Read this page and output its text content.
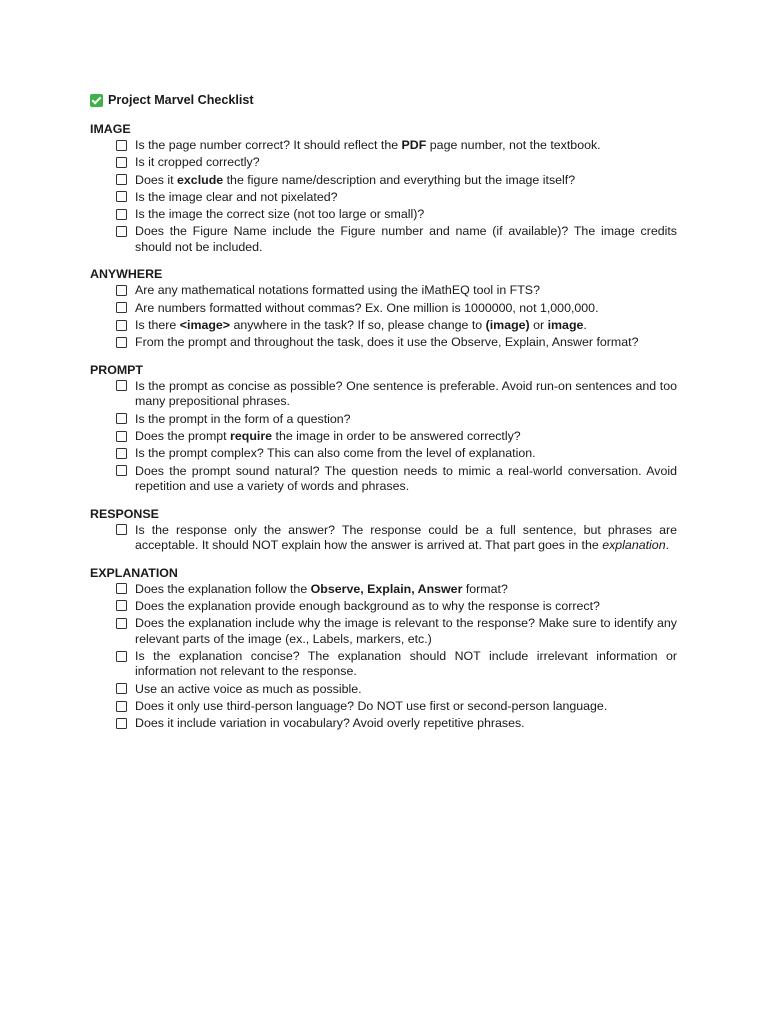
Project Marvel Checklist
IMAGE
Is the page number correct? It should reflect the PDF page number, not the textbook.
Is it cropped correctly?
Does it exclude the figure name/description and everything but the image itself?
Is the image clear and not pixelated?
Is the image the correct size (not too large or small)?
Does the Figure Name include the Figure number and name (if available)? The image credits should not be included.
ANYWHERE
Are any mathematical notations formatted using the iMathEQ tool in FTS?
Are numbers formatted without commas? Ex. One million is 1000000, not 1,000,000.
Is there <image> anywhere in the task? If so, please change to (image) or image.
From the prompt and throughout the task, does it use the Observe, Explain, Answer format?
PROMPT
Is the prompt as concise as possible? One sentence is preferable. Avoid run-on sentences and too many prepositional phrases.
Is the prompt in the form of a question?
Does the prompt require the image in order to be answered correctly?
Is the prompt complex? This can also come from the level of explanation.
Does the prompt sound natural? The question needs to mimic a real-world conversation. Avoid repetition and use a variety of words and phrases.
RESPONSE
Is the response only the answer? The response could be a full sentence, but phrases are acceptable. It should NOT explain how the answer is arrived at. That part goes in the explanation.
EXPLANATION
Does the explanation follow the Observe, Explain, Answer format?
Does the explanation provide enough background as to why the response is correct?
Does the explanation include why the image is relevant to the response? Make sure to identify any relevant parts of the image (ex., Labels, markers, etc.)
Is the explanation concise? The explanation should NOT include irrelevant information or information not relevant to the response.
Use an active voice as much as possible.
Does it only use third-person language? Do NOT use first or second-person language.
Does it include variation in vocabulary? Avoid overly repetitive phrases.
